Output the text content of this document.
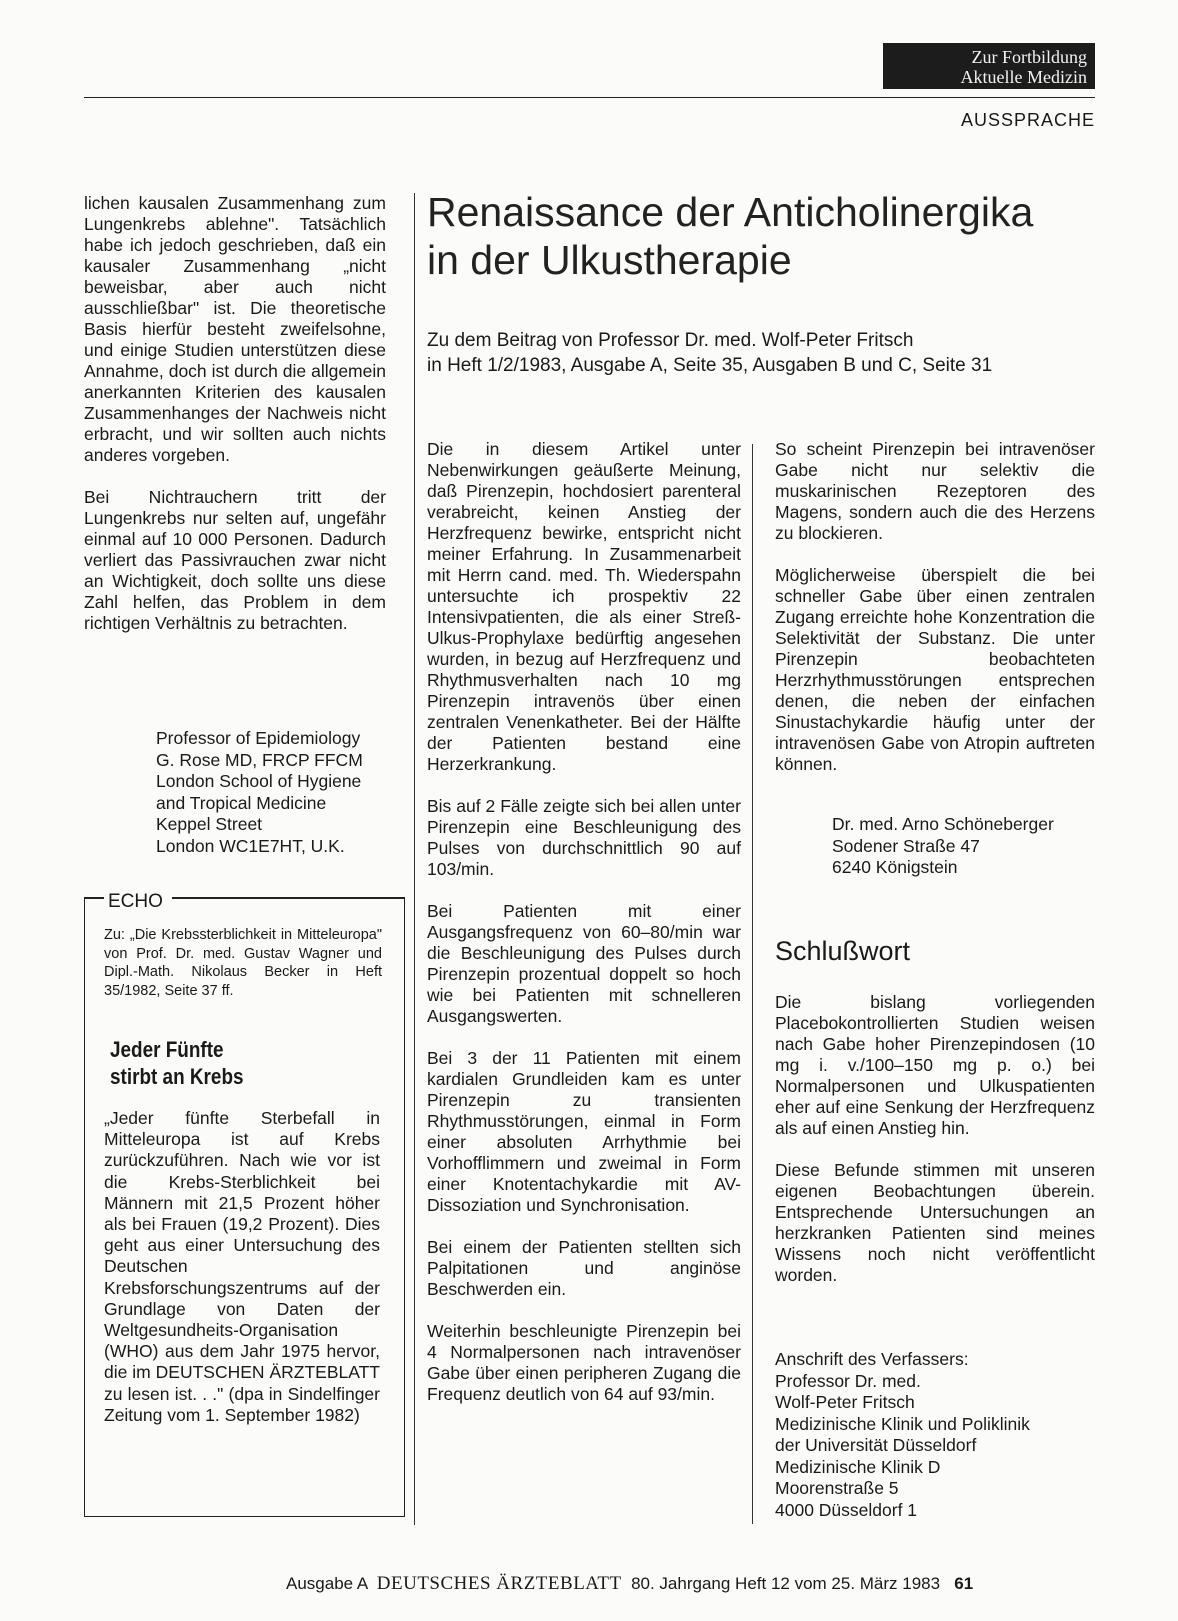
Zur Fortbildung
Aktuelle Medizin
AUSSPRACHE

lichen kausalen Zusammenhang zum Lungenkrebs ablehne". Tatsächlich habe ich jedoch geschrieben, daß ein kausaler Zusammenhang „nicht beweisbar, aber auch nicht ausschließbar" ist. Die theoretische Basis hierfür besteht zweifelsohne, und einige Studien unterstützen diese Annahme, doch ist durch die allgemein anerkannten Kriterien des kausalen Zusammenhanges der Nachweis nicht erbracht, und wir sollten auch nichts anderes vorgeben.

Bei Nichtrauchern tritt der Lungenkrebs nur selten auf, ungefähr einmal auf 10 000 Personen. Dadurch verliert das Passivrauchen zwar nicht an Wichtigkeit, doch sollte uns diese Zahl helfen, das Problem in dem richtigen Verhältnis zu betrachten.

Professor of Epidemiology
G. Rose MD, FRCP FFCM
London School of Hygiene
and Tropical Medicine
Keppel Street
London WC1E7HT, U.K.
ECHO
Zu: „Die Krebssterblichkeit in Mitteleuropa" von Prof. Dr. med. Gustav Wagner und Dipl.-Math. Nikolaus Becker in Heft 35/1982, Seite 37 ff.
Jeder Fünfte
stirbt an Krebs
„Jeder fünfte Sterbefall in Mitteleuropa ist auf Krebs zurückzuführen. Nach wie vor ist die Krebs-Sterblichkeit bei Männern mit 21,5 Prozent höher als bei Frauen (19,2 Prozent). Dies geht aus einer Untersuchung des Deutschen Krebsforschungszentrums auf der Grundlage von Daten der Weltgesundheits-Organisation (WHO) aus dem Jahr 1975 hervor, die im DEUTSCHEN ÄRZTEBLATT zu lesen ist. . ." (dpa in Sindelfinger Zeitung vom 1. September 1982)
Renaissance der Anticholinergika
in der Ulkustherapie
Zu dem Beitrag von Professor Dr. med. Wolf-Peter Fritsch
in Heft 1/2/1983, Ausgabe A, Seite 35, Ausgaben B und C, Seite 31

Die in diesem Artikel unter Nebenwirkungen geäußerte Meinung, daß Pirenzepin, hochdosiert parenteral verabreicht, keinen Anstieg der Herzfrequenz bewirke, entspricht nicht meiner Erfahrung. In Zusammenarbeit mit Herrn cand. med. Th. Wiederspahn untersuchte ich prospektiv 22 Intensivpatienten, die als einer Streß-Ulkus-Prophylaxe bedürftig angesehen wurden, in bezug auf Herzfrequenz und Rhythmusverhalten nach 10 mg Pirenzepin intravenös über einen zentralen Venenkatheter. Bei der Hälfte der Patienten bestand eine Herzerkrankung.

Bis auf 2 Fälle zeigte sich bei allen unter Pirenzepin eine Beschleunigung des Pulses von durchschnittlich 90 auf 103/min.

Bei Patienten mit einer Ausgangsfrequenz von 60–80/min war die Beschleunigung des Pulses durch Pirenzepin prozentual doppelt so hoch wie bei Patienten mit schnelleren Ausgangswerten.

Bei 3 der 11 Patienten mit einem kardialen Grundleiden kam es unter Pirenzepin zu transienten Rhythmusstörungen, einmal in Form einer absoluten Arrhythmie bei Vorhofflimmern und zweimal in Form einer Knotentachykardie mit AV-Dissoziation und Synchronisation.

Bei einem der Patienten stellten sich Palpitationen und anginöse Beschwerden ein.

Weiterhin beschleunigte Pirenzepin bei 4 Normalpersonen nach intravenöser Gabe über einen peripheren Zugang die Frequenz deutlich von 64 auf 93/min.

So scheint Pirenzepin bei intravenöser Gabe nicht nur selektiv die muskarinischen Rezeptoren des Magens, sondern auch die des Herzens zu blockieren.

Möglicherweise überspielt die bei schneller Gabe über einen zentralen Zugang erreichte hohe Konzentration die Selektivität der Substanz. Die unter Pirenzepin beobachteten Herzrhythmusstörungen entsprechen denen, die neben der einfachen Sinustachykardie häufig unter der intravenösen Gabe von Atropin auftreten können.

Dr. med. Arno Schöneberger
Sodener Straße 47
6240 Königstein
Schlußwort

Die bislang vorliegenden Placebokontrollierten Studien weisen nach Gabe hoher Pirenzepindosen (10 mg i. v./100–150 mg p. o.) bei Normalpersonen und Ulkuspatienten eher auf eine Senkung der Herzfrequenz als auf einen Anstieg hin.

Diese Befunde stimmen mit unseren eigenen Beobachtungen überein. Entsprechende Untersuchungen an herzkranken Patienten sind meines Wissens noch nicht veröffentlicht worden.

Anschrift des Verfassers:
Professor Dr. med.
Wolf-Peter Fritsch
Medizinische Klinik und Poliklinik
der Universität Düsseldorf
Medizinische Klinik D
Moorenstraße 5
4000 Düsseldorf 1
Ausgabe A DEUTSCHES ÄRZTEBLATT 80. Jahrgang Heft 12 vom 25. März 1983 61
